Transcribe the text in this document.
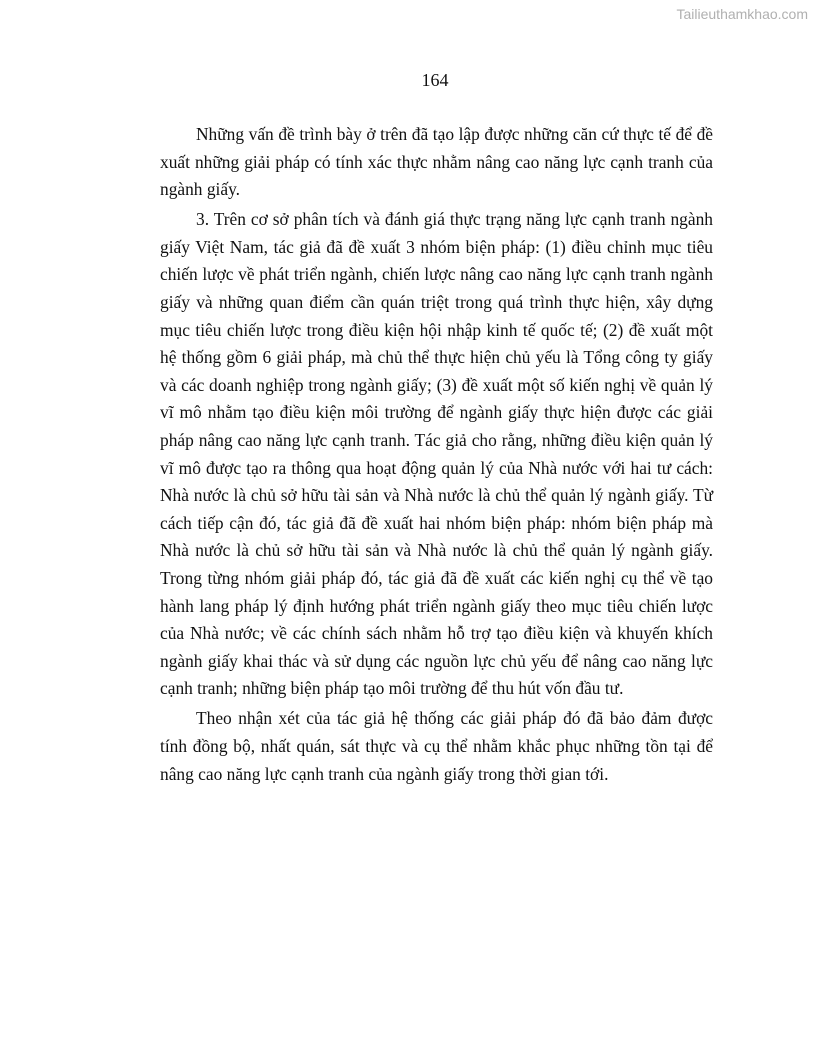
Tailieuthamkhao.com
164
Những vấn đề trình bày ở trên đã tạo lập được những căn cứ thực tế để đề
xuất những giải pháp có tính xác thực nhằm nâng cao năng lực cạnh tranh của
ngành giấy.
3. Trên cơ sở phân tích và đánh giá thực trạng năng lực cạnh tranh ngành
giấy Việt Nam, tác giả đã đề xuất 3 nhóm biện pháp: (1) điều chỉnh mục tiêu
chiến lược về phát triển ngành, chiến lược nâng cao năng lực cạnh tranh ngành
giấy và những quan điểm cần quán triệt trong quá trình thực hiện, xây dựng
mục tiêu chiến lược trong điều kiện hội nhập kinh tế quốc tế; (2) đề xuất một
hệ thống gồm 6 giải pháp, mà chủ thể thực hiện chủ yếu là Tổng công ty giấy
và các doanh nghiệp trong ngành giấy; (3) đề xuất một số kiến nghị về quản lý
vĩ mô nhằm tạo điều kiện môi trường để ngành giấy thực hiện được các giải
pháp nâng cao năng lực cạnh tranh. Tác giả cho rằng, những điều kiện quản lý
vĩ mô được tạo ra thông qua hoạt động quản lý của Nhà nước với hai tư cách:
Nhà nước là chủ sở hữu tài sản và Nhà nước là chủ thể quản lý ngành giấy. Từ
cách tiếp cận đó, tác giả đã đề xuất hai nhóm biện pháp: nhóm biện pháp mà
Nhà nước là chủ sở hữu tài sản và Nhà nước là chủ thể quản lý ngành giấy.
Trong từng nhóm giải pháp đó, tác giả đã đề xuất các kiến nghị cụ thể về tạo
hành lang pháp lý định hướng phát triển ngành giấy theo mục tiêu chiến lược
của Nhà nước; về các chính sách nhằm hỗ trợ tạo điều kiện và khuyến khích
ngành giấy khai thác và sử dụng các nguồn lực chủ yếu để nâng cao năng lực
cạnh tranh; những biện pháp tạo môi trường để thu hút vốn đầu tư.
Theo nhận xét của tác giả hệ thống các giải pháp đó đã bảo đảm được
tính đồng bộ, nhất quán, sát thực và cụ thể nhằm khắc phục những tồn tại để
nâng cao năng lực cạnh tranh của ngành giấy trong thời gian tới.
